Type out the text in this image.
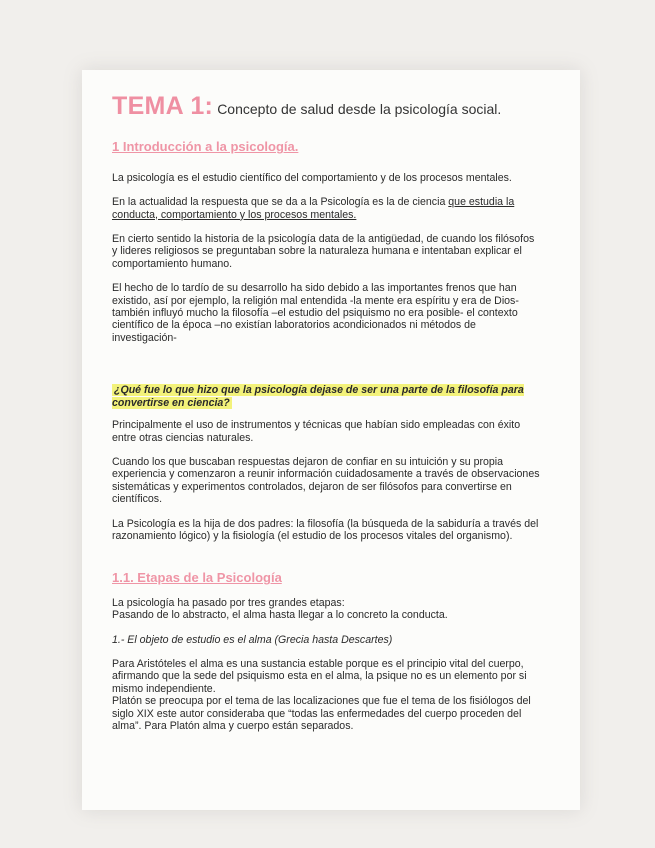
TEMA 1: Concepto de salud desde la psicología social.
1 Introducción a la psicología.

La psicología es el estudio científico del comportamiento y de los procesos mentales.

En la actualidad la respuesta que se da a la Psicología es la de ciencia que estudia la conducta, comportamiento y los procesos mentales.

En cierto sentido la historia de la psicología data de la antigüedad, de cuando los filósofos y lideres religiosos se preguntaban sobre la naturaleza humana e intentaban explicar el comportamiento humano.

El hecho de lo tardío de su desarrollo ha sido debido a las importantes frenos que han existido, así por ejemplo, la religión mal entendida -la mente era espíritu y era de Dios- también influyó mucho la filosofía –el estudio del psiquismo no era posible- el contexto científico de la época –no existían laboratorios acondicionados ni métodos de investigación-

¿Qué fue lo que hizo que la psicología dejase de ser una parte de la filosofía para convertirse en ciencia?

Principalmente el uso de instrumentos y técnicas que habían sido empleadas con éxito entre otras ciencias naturales.

Cuando los que buscaban respuestas dejaron de confiar en su intuición y su propia experiencia y comenzaron a reunir información cuidadosamente a través de observaciones sistemáticas y experimentos controlados, dejaron de ser filósofos para convertirse en científicos.

La Psicología es la hija de dos padres: la filosofía (la búsqueda de la sabiduría a través del razonamiento lógico) y la fisiología (el estudio de los procesos vitales del organismo).

1.1. Etapas de la Psicología

La psicología ha pasado por tres grandes etapas:
Pasando de lo abstracto, el alma hasta llegar a lo concreto la conducta.

1.- El objeto de estudio es el alma (Grecia hasta Descartes)

Para Aristóteles el alma es una sustancia estable porque es el principio vital del cuerpo, afirmando que la sede del psiquismo esta en el alma, la psique no es un elemento por si mismo independiente.

Platón se preocupa por el tema de las localizaciones que fue el tema de los fisiólogos del siglo XIX este autor consideraba que “todas las enfermedades del cuerpo proceden del alma”. Para Platón alma y cuerpo están separados.
